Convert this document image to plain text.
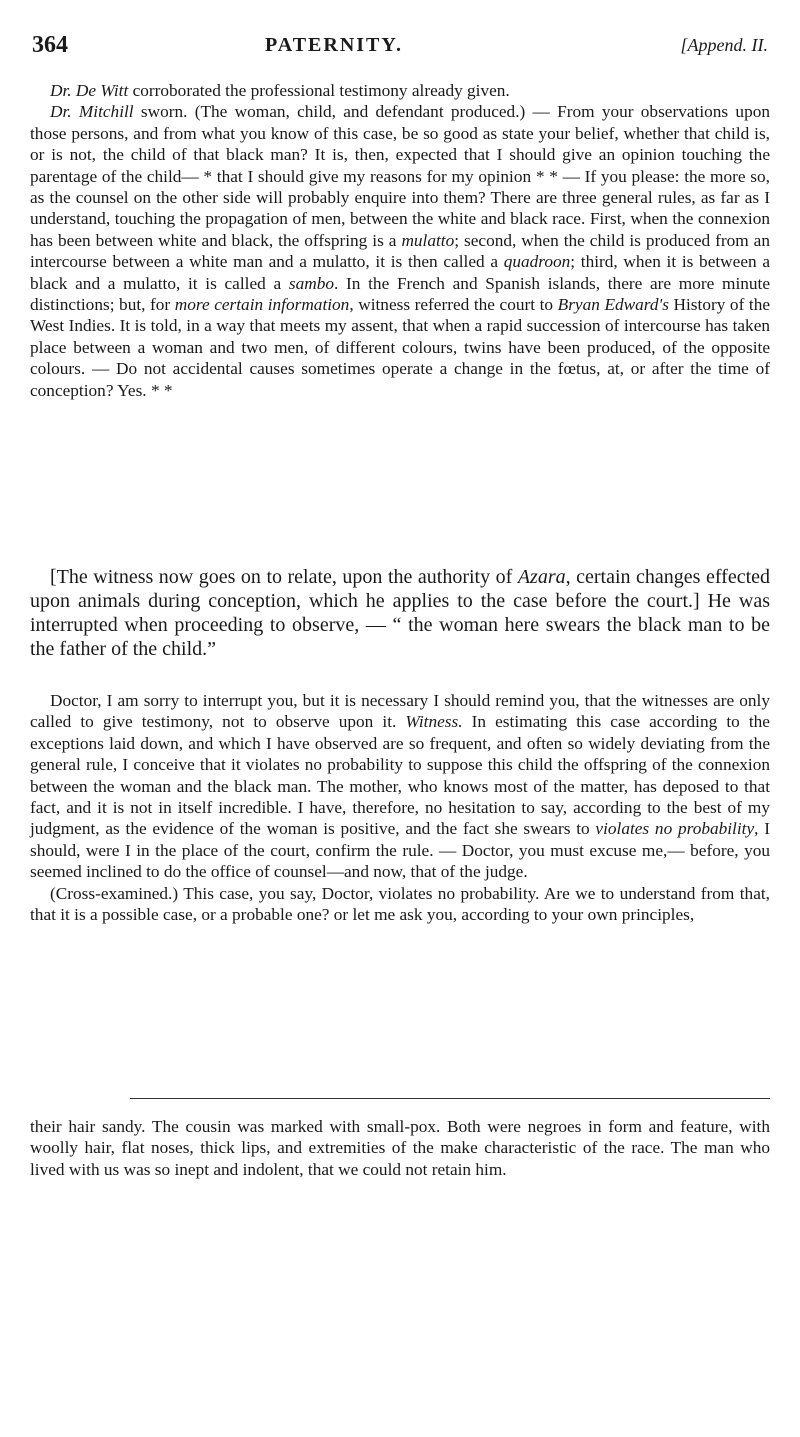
364	PATERNITY.	[Append. II.

Dr. De Witt corroborated the professional testimony already given.

Dr. Mitchill sworn. (The woman, child, and defendant produced.) — From your observations upon those persons, and from what you know of this case, be so good as state your belief, whether that child is, or is not, the child of that black man? It is, then, expected that I should give an opinion touching the parentage of the child— * that I should give my reasons for my opinion * * — If you please: the more so, as the counsel on the other side will probably enquire into them? There are three general rules, as far as I understand, touching the propagation of men, between the white and black race. First, when the connexion has been between white and black, the offspring is a mulatto; second, when the child is produced from an intercourse between a white man and a mulatto, it is then called a quadroon; third, when it is between a black and a mulatto, it is called a sambo. In the French and Spanish islands, there are more minute distinctions; but, for more certain information, witness referred the court to Bryan Edward's History of the West Indies. It is told, in a way that meets my assent, that when a rapid succession of intercourse has taken place between a woman and two men, of different colours, twins have been produced, of the opposite colours. — Do not accidental causes sometimes operate a change in the fœtus, at, or after the time of conception? Yes. * *

[The witness now goes on to relate, upon the authority of Azara, certain changes effected upon animals during conception, which he applies to the case before the court.] He was interrupted when proceeding to observe, — “ the woman here swears the black man to be the father of the child.”

Doctor, I am sorry to interrupt you, but it is necessary I should remind you, that the witnesses are only called to give testimony, not to observe upon it. Witness. In estimating this case according to the exceptions laid down, and which I have observed are so frequent, and often so widely deviating from the general rule, I conceive that it violates no probability to suppose this child the offspring of the connexion between the woman and the black man. The mother, who knows most of the matter, has deposed to that fact, and it is not in itself incredible. I have, therefore, no hesitation to say, according to the best of my judgment, as the evidence of the woman is positive, and the fact she swears to violates no probability, I should, were I in the place of the court, confirm the rule. — Doctor, you must excuse me,— before, you seemed inclined to do the office of counsel—and now, that of the judge.

(Cross-examined.) This case, you say, Doctor, violates no probability. Are we to understand from that, that it is a possible case, or a probable one? or let me ask you, according to your own principles,

their hair sandy. The cousin was marked with small-pox. Both were negroes in form and feature, with woolly hair, flat noses, thick lips, and extremities of the make characteristic of the race. The man who lived with us was so inept and indolent, that we could not retain him.
